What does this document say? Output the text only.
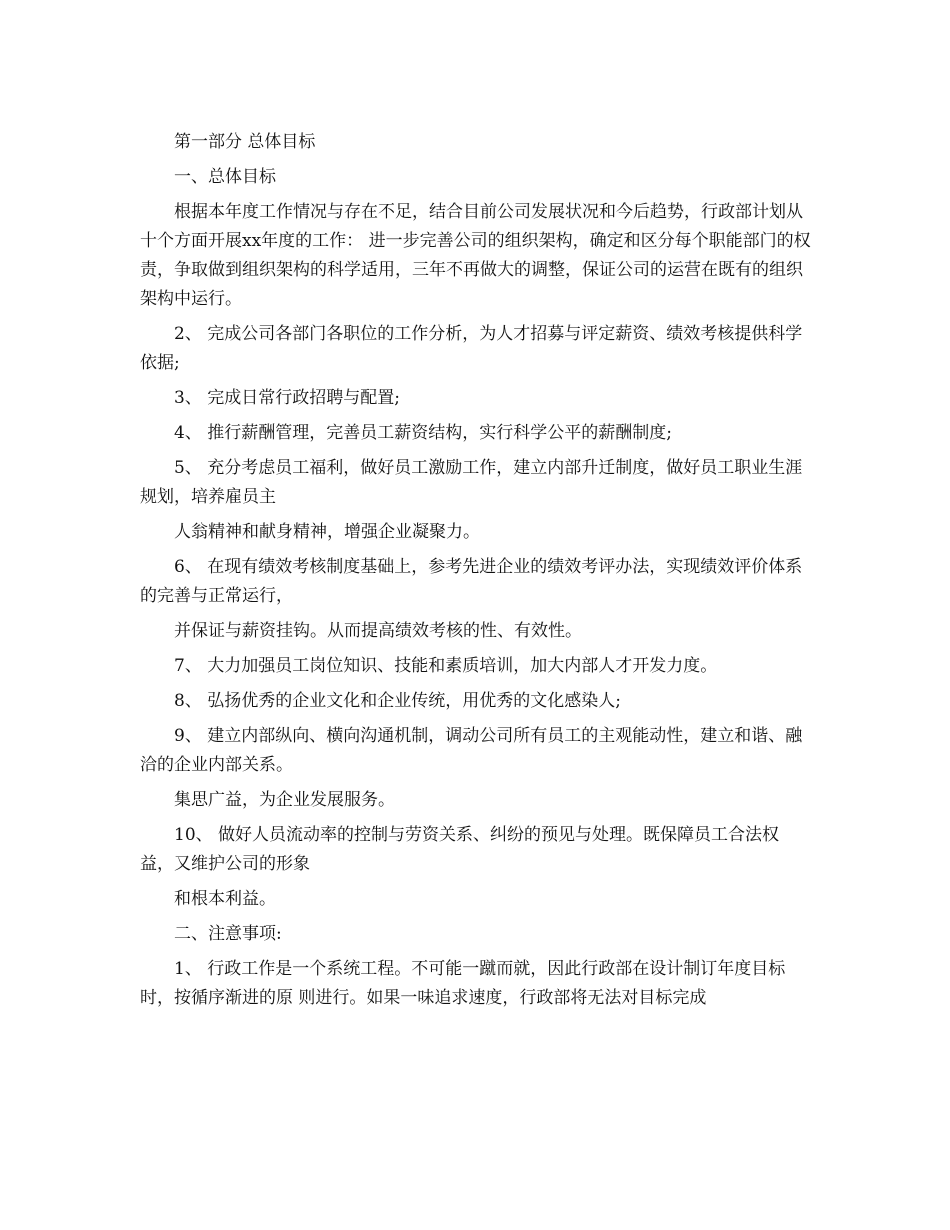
第一部分 总体目标

一、总体目标

根据本年度工作情况与存在不足，结合目前公司发展状况和今后趋势，行政部计划从十个方面开展xx年度的工作： 进一步完善公司的组织架构，确定和区分每个职能部门的权责，争取做到组织架构的科学适用，三年不再做大的调整，保证公司的运营在既有的组织架构中运行。

2、 完成公司各部门各职位的工作分析，为人才招募与评定薪资、绩效考核提供科学依据;

3、 完成日常行政招聘与配置;

4、 推行薪酬管理，完善员工薪资结构，实行科学公平的薪酬制度;

5、 充分考虑员工福利，做好员工激励工作，建立内部升迁制度，做好员工职业生涯规划，培养雇员主

人翁精神和献身精神，增强企业凝聚力。

6、 在现有绩效考核制度基础上，参考先进企业的绩效考评办法，实现绩效评价体系的完善与正常运行，

并保证与薪资挂钩。从而提高绩效考核的性、有效性。

7、 大力加强员工岗位知识、技能和素质培训，加大内部人才开发力度。

8、 弘扬优秀的企业文化和企业传统，用优秀的文化感染人;

9、 建立内部纵向、横向沟通机制，调动公司所有员工的主观能动性，建立和谐、融洽的企业内部关系。

集思广益，为企业发展服务。

10、 做好人员流动率的控制与劳资关系、纠纷的预见与处理。既保障员工合法权益，又维护公司的形象

和根本利益。

二、注意事项:

1、 行政工作是一个系统工程。不可能一蹴而就，因此行政部在设计制订年度目标时，按循序渐进的原 则进行。如果一味追求速度，行政部将无法对目标完成
